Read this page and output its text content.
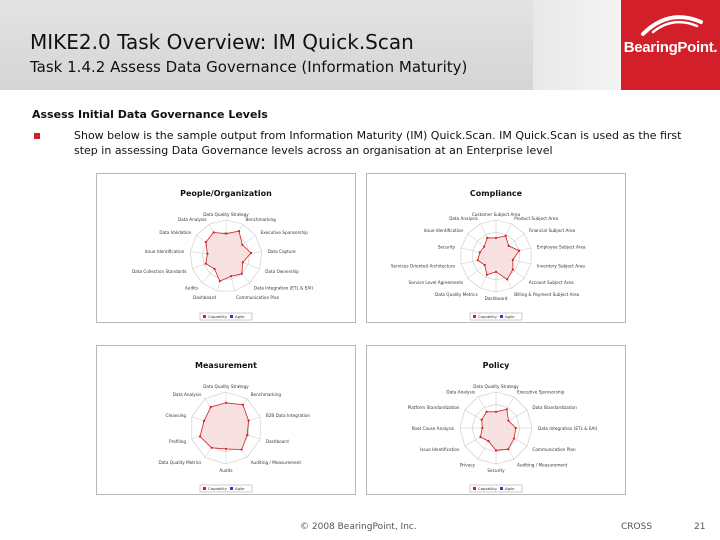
BearingPoint.
MIKE2.0 Task Overview: IM Quick.Scan
Task 1.4.2 Assess Data Governance (Information Maturity)
Assess Initial Data Governance Levels
Show below is the sample output from Information Maturity (IM) Quick.Scan. IM Quick.Scan is used as the first step in assessing Data Governance levels across an organisation at an Enterprise level
People/Organization
Data Quality Strategy
Benchmarking
Executive Sponsorship
Data Capture
Data Ownership
Data Integration (ETL & EAI)
Communication Plan
Dashboard
Audits
Data Collection Standards
Issue Identification
Data Validation
Data Analysis
Capability Agile
Compliance
Customer Subject Area
Product Subject Area
Financial Subject Area
Employee Subject Area
Inventory Subject Area
Account Subject Area
Billing & Payment Subject Area
Dashboard
Data Quality Metrics
Service Level Agreements
Services Oriented Architecture
Security
Issue Identification
Data Analysis
Capability Agile
Measurement
Data Quality Strategy
Benchmarking
B2B Data Integration
Dashboard
Auditing / Measurement
Audits
Data Quality Metrics
Profiling
Cleansing
Data Analysis
Capability Agile
Policy
Data Quality Strategy
Executive Sponsorship
Data Standardization
Data Integration (ETL & EAI)
Communication Plan
Auditing / Measurement
Security
Privacy
Issue Identification
Root Cause Analysis
Platform Standardization
Data Analysis
Capability Agile
© 2008 BearingPoint, Inc.	CROSS	21
